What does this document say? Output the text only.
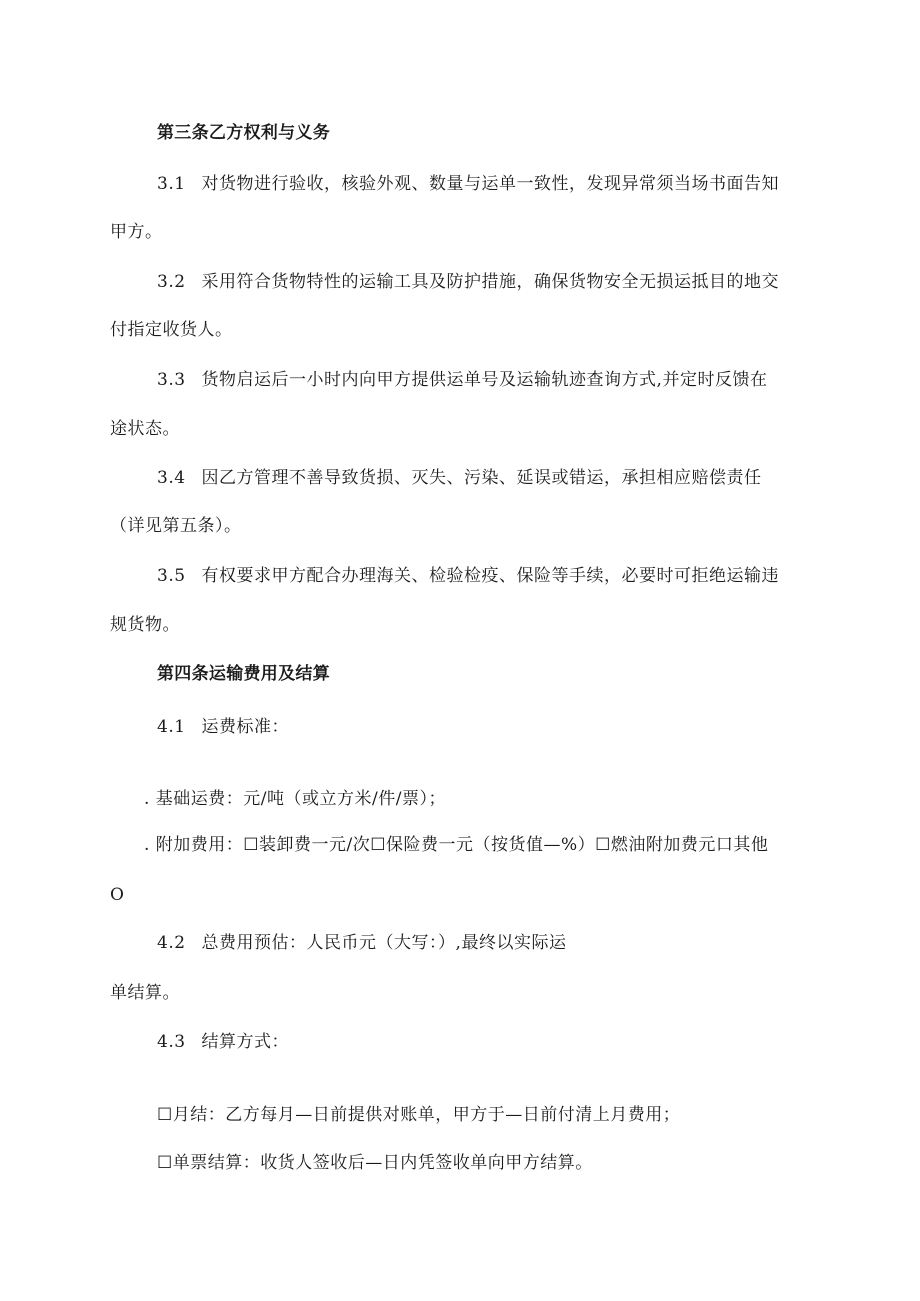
第三条乙方权利与义务
3.1 对货物进行验收，核验外观、数量与运单一致性，发现异常须当场书面告知
甲方。
3.2 采用符合货物特性的运输工具及防护措施，确保货物安全无损运抵目的地交
付指定收货人。
3.3 货物启运后一小时内向甲方提供运单号及运输轨迹查询方式,并定时反馈在
途状态。
3.4 因乙方管理不善导致货损、灭失、污染、延误或错运，承担相应赔偿责任
（详见第五条）。
3.5 有权要求甲方配合办理海关、检验检疫、保险等手续，必要时可拒绝运输违
规货物。
第四条运输费用及结算
4.1 运费标准：
. 基础运费：元/吨（或立方米/件/票）；
. 附加费用：☐装卸费一元/次☐保险费一元（按货值—%）☐燃油附加费元口其他
O
4.2 总费用预估：人民币元（大写：）,最终以实际运
单结算。
4.3 结算方式：
☐月结：乙方每月—日前提供对账单，甲方于—日前付清上月费用；
☐单票结算：收货人签收后—日内凭签收单向甲方结算。
